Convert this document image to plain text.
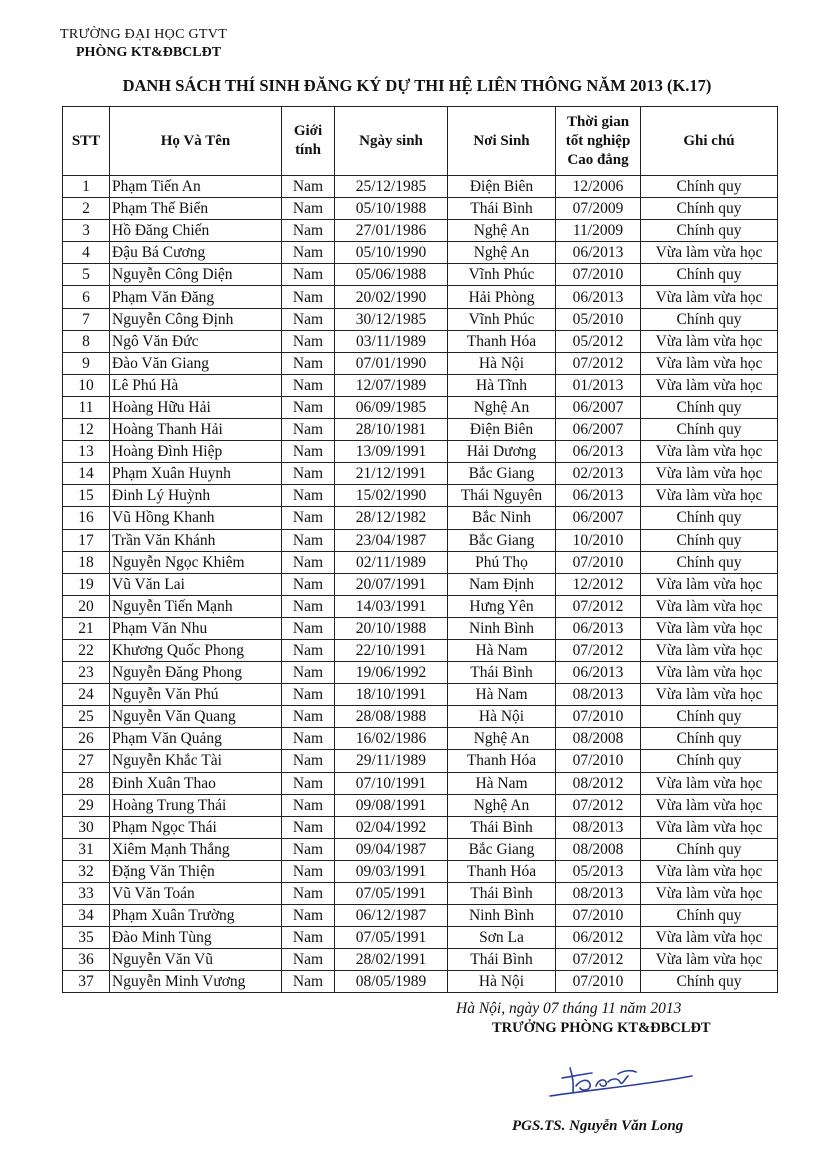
TRƯỜNG ĐẠI HỌC GTVT
PHÒNG KT&ĐBCLĐT
DANH SÁCH THÍ SINH ĐĂNG KÝ DỰ THI HỆ LIÊN THÔNG NĂM 2013 (K.17)
STT	Họ Và Tên	Giới tính	Ngày sinh	Nơi Sinh	Thời gian tốt nghiệp Cao đẳng	Ghi chú
1	Phạm Tiến An	Nam	25/12/1985	Điện Biên	12/2006	Chính quy
2	Phạm Thế Biển	Nam	05/10/1988	Thái Bình	07/2009	Chính quy
3	Hồ Đăng Chiến	Nam	27/01/1986	Nghệ An	11/2009	Chính quy
4	Đậu Bá Cương	Nam	05/10/1990	Nghệ An	06/2013	Vừa làm vừa học
5	Nguyễn Công Diện	Nam	05/06/1988	Vĩnh Phúc	07/2010	Chính quy
6	Phạm Văn Đăng	Nam	20/02/1990	Hải Phòng	06/2013	Vừa làm vừa học
7	Nguyễn Công Định	Nam	30/12/1985	Vĩnh Phúc	05/2010	Chính quy
8	Ngô Văn Đức	Nam	03/11/1989	Thanh Hóa	05/2012	Vừa làm vừa học
9	Đào Văn Giang	Nam	07/01/1990	Hà Nội	07/2012	Vừa làm vừa học
10	Lê Phú Hà	Nam	12/07/1989	Hà Tĩnh	01/2013	Vừa làm vừa học
11	Hoàng Hữu Hải	Nam	06/09/1985	Nghệ An	06/2007	Chính quy
12	Hoàng Thanh Hải	Nam	28/10/1981	Điện Biên	06/2007	Chính quy
13	Hoàng Đình Hiệp	Nam	13/09/1991	Hải Dương	06/2013	Vừa làm vừa học
14	Phạm Xuân Huynh	Nam	21/12/1991	Bắc Giang	02/2013	Vừa làm vừa học
15	Đinh Lý Huỳnh	Nam	15/02/1990	Thái Nguyên	06/2013	Vừa làm vừa học
16	Vũ Hồng Khanh	Nam	28/12/1982	Bắc Ninh	06/2007	Chính quy
17	Trần Văn Khánh	Nam	23/04/1987	Bắc Giang	10/2010	Chính quy
18	Nguyễn Ngọc Khiêm	Nam	02/11/1989	Phú Thọ	07/2010	Chính quy
19	Vũ Văn Lai	Nam	20/07/1991	Nam Định	12/2012	Vừa làm vừa học
20	Nguyễn Tiến Mạnh	Nam	14/03/1991	Hưng Yên	07/2012	Vừa làm vừa học
21	Phạm Văn Nhu	Nam	20/10/1988	Ninh Bình	06/2013	Vừa làm vừa học
22	Khương Quốc Phong	Nam	22/10/1991	Hà Nam	07/2012	Vừa làm vừa học
23	Nguyễn Đăng Phong	Nam	19/06/1992	Thái Bình	06/2013	Vừa làm vừa học
24	Nguyễn Văn Phú	Nam	18/10/1991	Hà Nam	08/2013	Vừa làm vừa học
25	Nguyễn Văn Quang	Nam	28/08/1988	Hà Nội	07/2010	Chính quy
26	Phạm Văn Quảng	Nam	16/02/1986	Nghệ An	08/2008	Chính quy
27	Nguyễn Khắc Tài	Nam	29/11/1989	Thanh Hóa	07/2010	Chính quy
28	Đinh Xuân Thao	Nam	07/10/1991	Hà Nam	08/2012	Vừa làm vừa học
29	Hoàng Trung Thái	Nam	09/08/1991	Nghệ An	07/2012	Vừa làm vừa học
30	Phạm Ngọc Thái	Nam	02/04/1992	Thái Bình	08/2013	Vừa làm vừa học
31	Xiêm Mạnh Thắng	Nam	09/04/1987	Bắc Giang	08/2008	Chính quy
32	Đặng Văn Thiện	Nam	09/03/1991	Thanh Hóa	05/2013	Vừa làm vừa học
33	Vũ Văn Toán	Nam	07/05/1991	Thái Bình	08/2013	Vừa làm vừa học
34	Phạm Xuân Trường	Nam	06/12/1987	Ninh Bình	07/2010	Chính quy
35	Đào Minh Tùng	Nam	07/05/1991	Sơn La	06/2012	Vừa làm vừa học
36	Nguyễn Văn Vũ	Nam	28/02/1991	Thái Bình	07/2012	Vừa làm vừa học
37	Nguyễn Minh Vương	Nam	08/05/1989	Hà Nội	07/2010	Chính quy
Hà Nội, ngày 07 tháng 11 năm 2013
TRƯỞNG PHÒNG KT&ĐBCLĐT
PGS.TS. Nguyễn Văn Long
